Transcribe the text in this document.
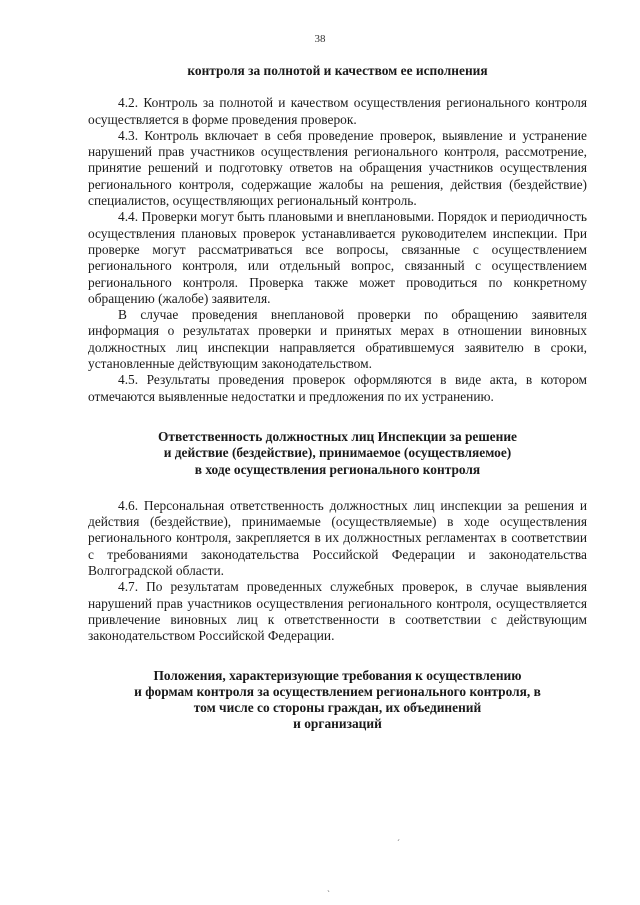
38

контроля за полнотой и качеством ее исполнения

4.2. Контроль за полнотой и качеством осуществления регионального контроля осуществляется в форме проведения проверок.

4.3. Контроль включает в себя проведение проверок, выявление и устранение нарушений прав участников осуществления регионального контроля, рассмотрение, принятие решений и подготовку ответов на обращения участников осуществления регионального контроля, содержащие жалобы на решения, действия (бездействие) специалистов, осуществляющих региональный контроль.

4.4. Проверки могут быть плановыми и внеплановыми. Порядок и периодичность осуществления плановых проверок устанавливается руководителем инспекции. При проверке могут рассматриваться все вопросы, связанные с осуществлением регионального контроля, или отдельный вопрос, связанный с осуществлением регионального контроля. Проверка также может проводиться по конкретному обращению (жалобе) заявителя.

В случае проведения внеплановой проверки по обращению заявителя информация о результатах проверки и принятых мерах в отношении виновных должностных лиц инспекции направляется обратившемуся заявителю в сроки, установленные действующим законодательством.

4.5. Результаты проведения проверок оформляются в виде акта, в котором отмечаются выявленные недостатки и предложения по их устранению.

Ответственность должностных лиц Инспекции за решение
и действие (бездействие), принимаемое (осуществляемое)
в ходе осуществления регионального контроля

4.6. Персональная ответственность должностных лиц инспекции за решения и действия (бездействие), принимаемые (осуществляемые) в ходе осуществления регионального контроля, закрепляется в их должностных регламентах в соответствии с требованиями законодательства Российской Федерации и законодательства Волгоградской области.

4.7. По результатам проведенных служебных проверок, в случае выявления нарушений прав участников осуществления регионального контроля, осуществляется привлечение виновных лиц к ответственности в соответствии с действующим законодательством Российской Федерации.

Положения, характеризующие требования к осуществлению
и формам контроля за осуществлением регионального контроля, в
том числе со стороны граждан, их объединений
и организаций
´
ˏ
